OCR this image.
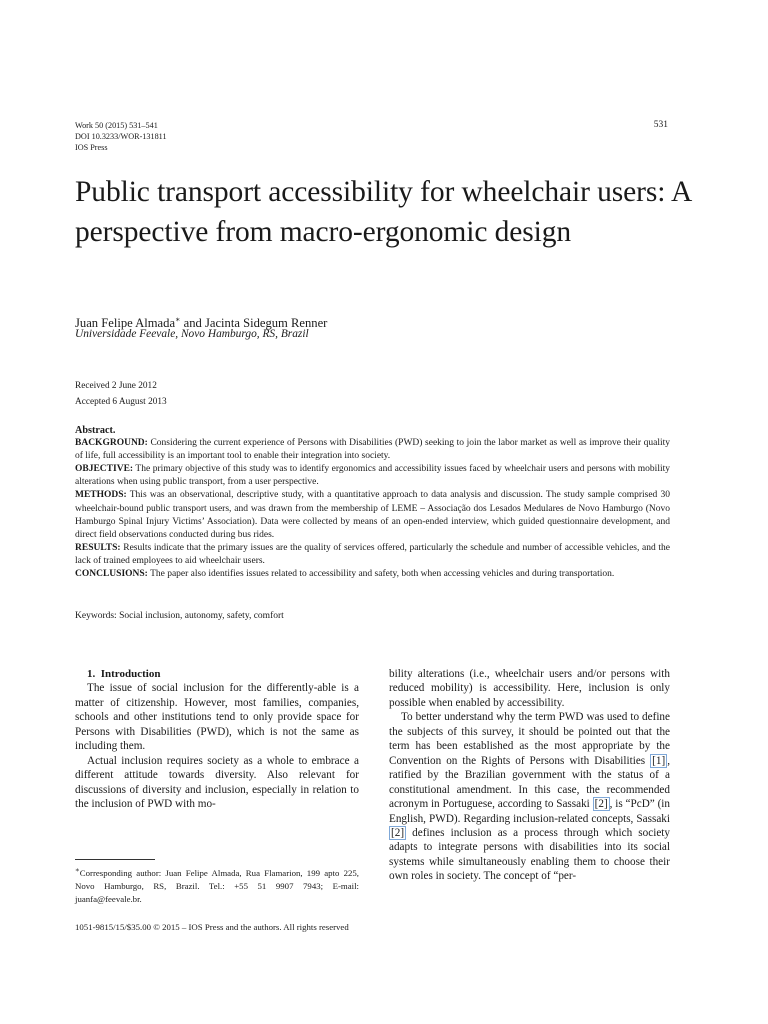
Work 50 (2015) 531–541
DOI 10.3233/WOR-131811
IOS Press
531
Public transport accessibility for wheelchair users: A perspective from macro-ergonomic design
Juan Felipe Almada∗ and Jacinta Sidegum Renner
Universidade Feevale, Novo Hamburgo, RS, Brazil
Received 2 June 2012
Accepted 6 August 2013
Abstract.

BACKGROUND: Considering the current experience of Persons with Disabilities (PWD) seeking to join the labor market as well as improve their quality of life, full accessibility is an important tool to enable their integration into society.

OBJECTIVE: The primary objective of this study was to identify ergonomics and accessibility issues faced by wheelchair users and persons with mobility alterations when using public transport, from a user perspective.

METHODS: This was an observational, descriptive study, with a quantitative approach to data analysis and discussion. The study sample comprised 30 wheelchair-bound public transport users, and was drawn from the membership of LEME – Associação dos Lesados Medulares de Novo Hamburgo (Novo Hamburgo Spinal Injury Victims’ Association). Data were collected by means of an open-ended interview, which guided questionnaire development, and direct field observations conducted during bus rides.

RESULTS: Results indicate that the primary issues are the quality of services offered, particularly the schedule and number of accessible vehicles, and the lack of trained employees to aid wheelchair users.

CONCLUSIONS: The paper also identifies issues related to accessibility and safety, both when accessing vehicles and during transportation.

Keywords: Social inclusion, autonomy, safety, comfort

1.  Introduction

The issue of social inclusion for the differently-able is a matter of citizenship. However, most families, companies, schools and other institutions tend to only provide space for Persons with Disabilities (PWD), which is not the same as including them.

Actual inclusion requires society as a whole to embrace a different attitude towards diversity. Also relevant for discussions of diversity and inclusion, especially in relation to the inclusion of PWD with mo-

bility alterations (i.e., wheelchair users and/or persons with reduced mobility) is accessibility. Here, inclusion is only possible when enabled by accessibility.

To better understand why the term PWD was used to define the subjects of this survey, it should be pointed out that the term has been established as the most appropriate by the Convention on the Rights of Persons with Disabilities [1] , ratified by the Brazilian government with the status of a constitutional amendment. In this case, the recommended acronym in Portuguese, according to Sassaki [2] , is “PcD” (in English, PWD). Regarding inclusion-related concepts, Sassaki [2] defines inclusion as a process through which society adapts to integrate persons with disabilities into its social systems while simultaneously enabling them to choose their own roles in society. The concept of “per-

∗Corresponding author: Juan Felipe Almada, Rua Flamarion, 199 apto 225, Novo Hamburgo, RS, Brazil. Tel.: +55 51 9907 7943; E-mail: juanfa@feevale.br.
1051-9815/15/$35.00 © 2015 – IOS Press and the authors. All rights reserved
